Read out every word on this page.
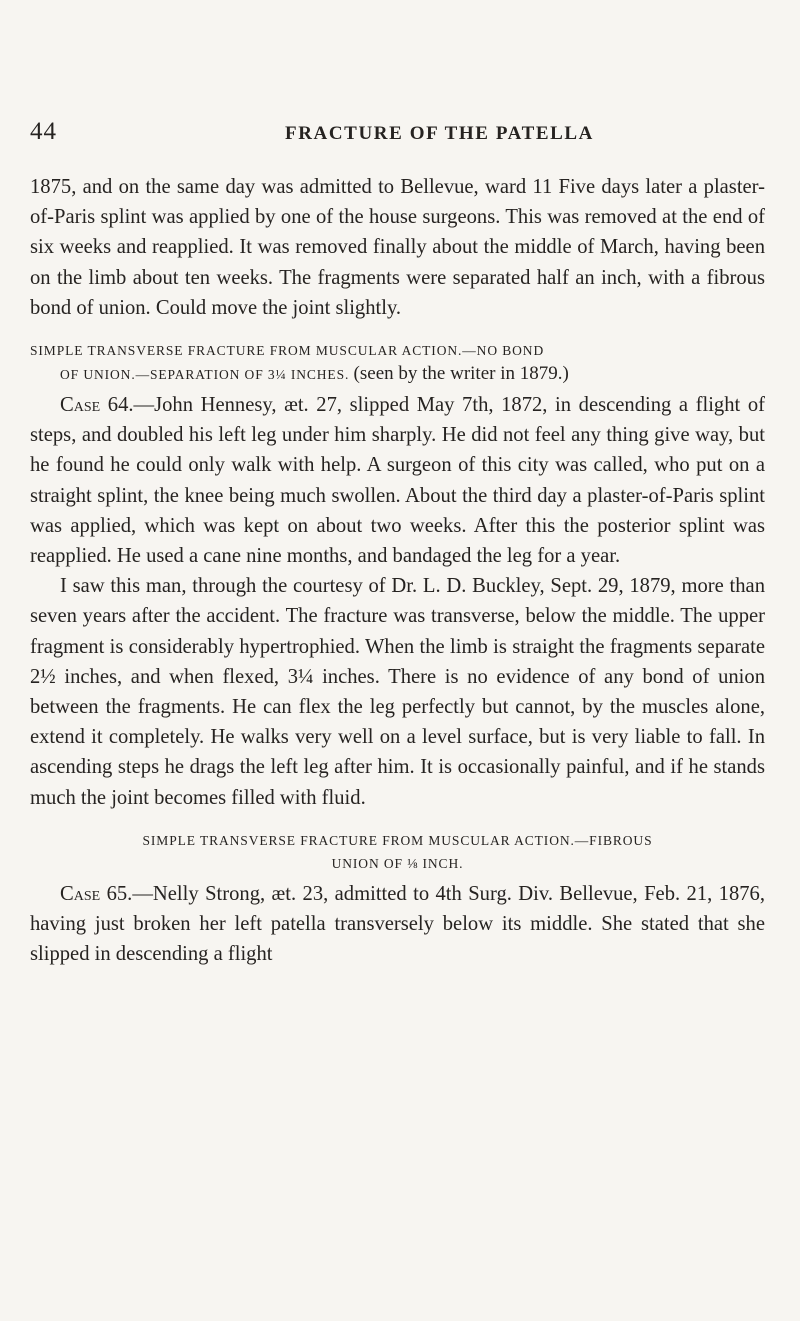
44	FRACTURE OF THE PATELLA

1875, and on the same day was admitted to Bellevue, ward 11 Five days later a plaster-of-Paris splint was applied by one of the house surgeons. This was removed at the end of six weeks and reapplied. It was removed finally about the middle of March, having been on the limb about ten weeks. The fragments were separated half an inch, with a fibrous bond of union. Could move the joint slightly.

SIMPLE TRANSVERSE FRACTURE FROM MUSCULAR ACTION.—NO BOND
OF UNION.—SEPARATION OF 3¼ INCHES. (seen by the writer in 1879.)

Case 64.—John Hennesy, æt. 27, slipped May 7th, 1872, in descending a flight of steps, and doubled his left leg under him sharply. He did not feel any thing give way, but he found he could only walk with help. A surgeon of this city was called, who put on a straight splint, the knee being much swollen. About the third day a plaster-of-Paris splint was applied, which was kept on about two weeks. After this the posterior splint was reapplied. He used a cane nine months, and bandaged the leg for a year.

I saw this man, through the courtesy of Dr. L. D. Buckley, Sept. 29, 1879, more than seven years after the accident. The fracture was transverse, below the middle. The upper fragment is considerably hypertrophied. When the limb is straight the fragments separate 2½ inches, and when flexed, 3¼ inches. There is no evidence of any bond of union between the fragments. He can flex the leg perfectly but cannot, by the muscles alone, extend it completely. He walks very well on a level surface, but is very liable to fall. In ascending steps he drags the left leg after him. It is occasionally painful, and if he stands much the joint becomes filled with fluid.

SIMPLE TRANSVERSE FRACTURE FROM MUSCULAR ACTION.—FIBROUS
UNION OF ⅛ INCH.

Case 65.—Nelly Strong, æt. 23, admitted to 4th Surg. Div. Bellevue, Feb. 21, 1876, having just broken her left patella transversely below its middle. She stated that she slipped in descending a flight
